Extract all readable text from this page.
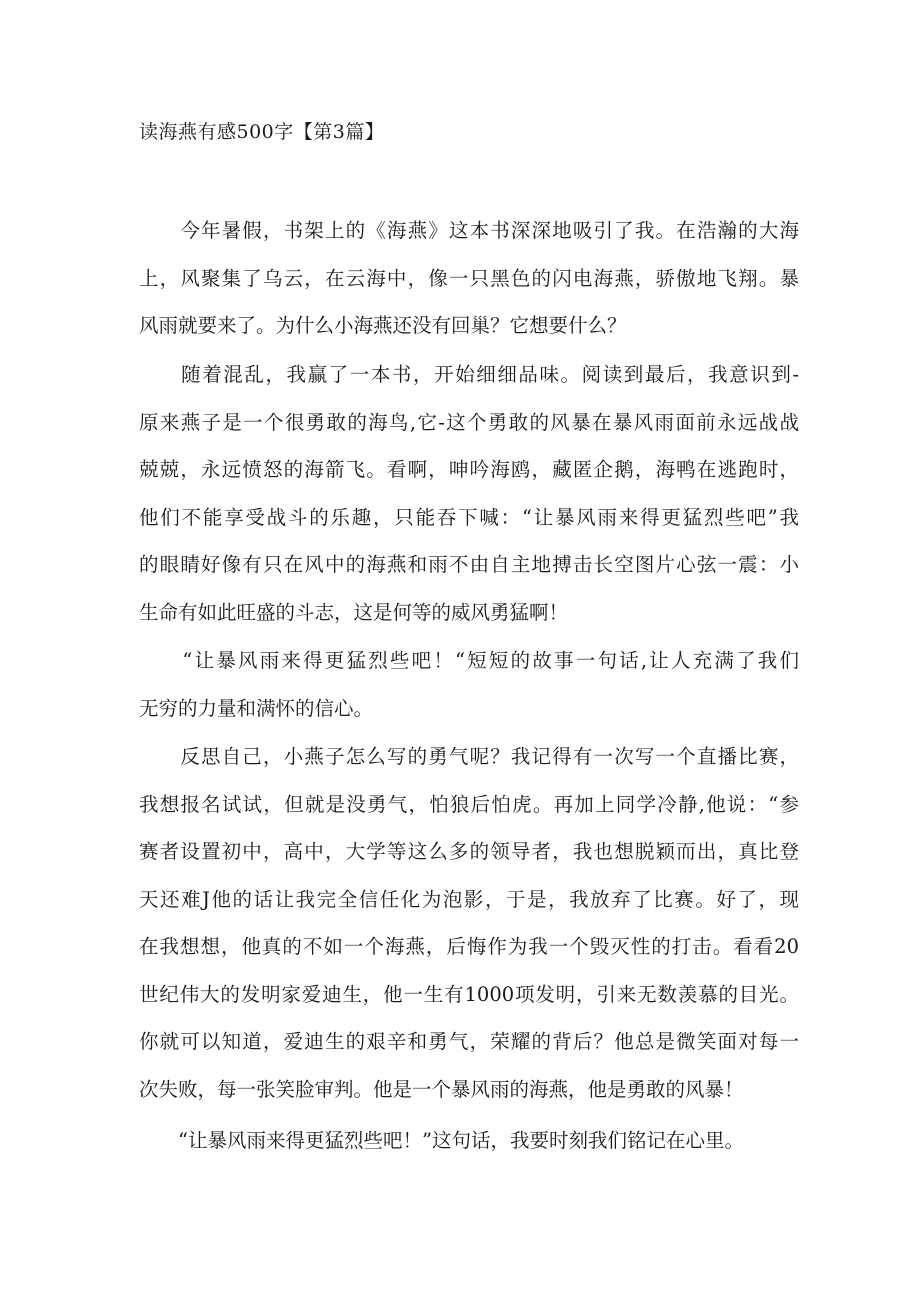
读海燕有感500字【第3篇】
　　今年暑假，书架上的《海燕》这本书深深地吸引了我。在浩瀚的大海
上，风聚集了乌云，在云海中，像一只黑色的闪电海燕，骄傲地飞翔。暴
风雨就要来了。为什么小海燕还没有回巢？它想要什么？
　　随着混乱，我赢了一本书，开始细细品味。阅读到最后，我意识到-
原来燕子是一个很勇敢的海鸟,它-这个勇敢的风暴在暴风雨面前永远战战
兢兢，永远愤怒的海箭飞。看啊，呻吟海鸥，藏匿企鹅，海鸭在逃跑时，
他们不能享受战斗的乐趣，只能吞下喊：“让暴风雨来得更猛烈些吧”我
的眼睛好像有只在风中的海燕和雨不由自主地搏击长空图片心弦一震：小
生命有如此旺盛的斗志，这是何等的威风勇猛啊！
　　“让暴风雨来得更猛烈些吧！“短短的故事一句话,让人充满了我们
无穷的力量和满怀的信心。
　　反思自己，小燕子怎么写的勇气呢？我记得有一次写一个直播比赛，
我想报名试试，但就是没勇气，怕狼后怕虎。再加上同学冷静,他说：“参
赛者设置初中，高中，大学等这么多的领导者，我也想脱颖而出，真比登
天还难J他的话让我完全信任化为泡影，于是，我放弃了比赛。好了，现
在我想想，他真的不如一个海燕，后悔作为我一个毁灭性的打击。看看20
世纪伟大的发明家爱迪生，他一生有1000项发明，引来无数羡慕的目光。
你就可以知道，爱迪生的艰辛和勇气，荣耀的背后？他总是微笑面对每一
次失败，每一张笑脸审判。他是一个暴风雨的海燕，他是勇敢的风暴！
　　“让暴风雨来得更猛烈些吧！”这句话，我要时刻我们铭记在心里。
